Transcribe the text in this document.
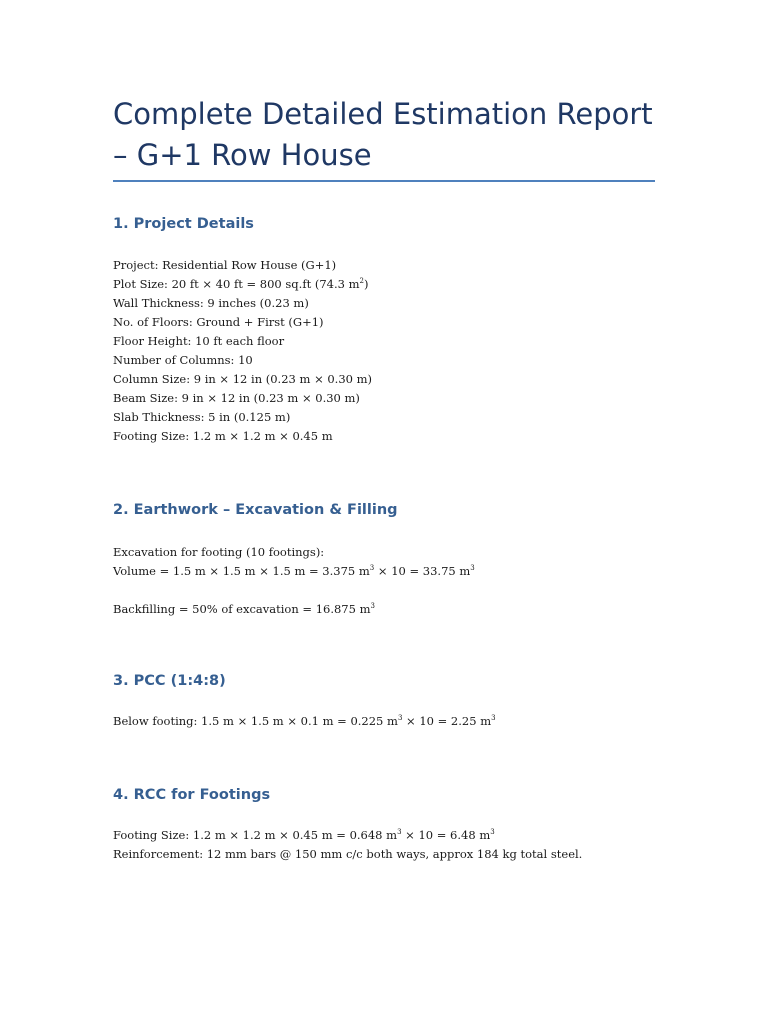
Complete Detailed Estimation Report – G+1 Row House
1. Project Details
Project: Residential Row House (G+1)
Plot Size: 20 ft × 40 ft = 800 sq.ft (74.3 $m^2$)
Wall Thickness: 9 inches (0.23 m)
No. of Floors: Ground + First (G+1)
Floor Height: 10 ft each floor
Number of Columns: 10
Column Size: 9 in × 12 in (0.23 m × 0.30 m)
Beam Size: 9 in × 12 in (0.23 m × 0.30 m)
Slab Thickness: 5 in (0.125 m)
Footing Size: 1.2 m × 1.2 m × 0.45 m
2. Earthwork – Excavation & Filling
Excavation for footing (10 footings):
Volume = 1.5 m × 1.5 m × 1.5 m = 3.375 $m^3 \times 10 = 33.75$ $m^3$
Backfilling = 50% of excavation = 16.875 $m^3$
3. PCC (1:4:8)
Below footing: 1.5 m × 1.5 m × 0.1 m = 0.225 $m^3 \times 10 = 2.25$ $m^3$
4. RCC for Footings
Footing Size: 1.2 m × 1.2 m × 0.45 m = 0.648 $m^3 \times 10 = 6.48$ $m^3$
Reinforcement: 12 mm bars @ 150 mm c/c both ways, approx 184 kg total steel.
